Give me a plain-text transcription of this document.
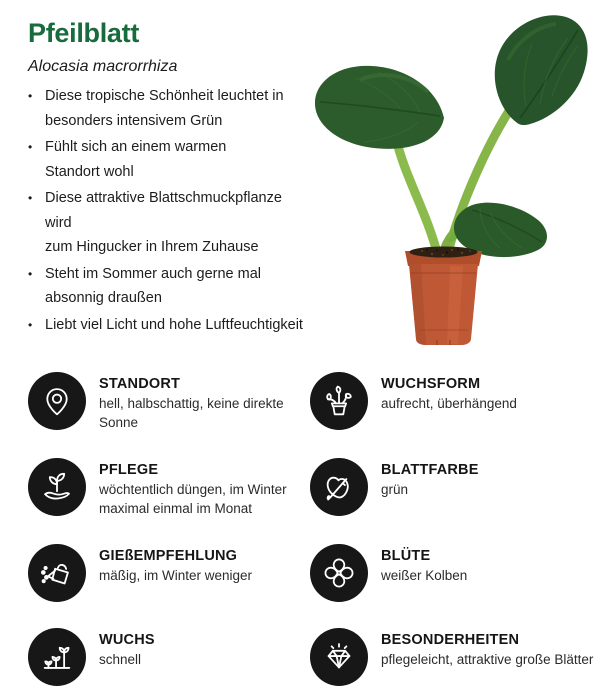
Pfeilblatt
Alocasia macrorrhiza
• Diese tropische Schönheit leuchtet in
besonders intensivem Grün
• Fühlt sich an einem warmen
Standort wohl
• Diese attraktive Blattschmuckpflanze wird
zum Hingucker in Ihrem Zuhause
• Steht im Sommer auch gerne mal
absonnig draußen
• Liebt viel Licht und hohe Luftfeuchtigkeit
STANDORT
hell, halbschattig, keine direkte Sonne
WUCHSFORM
aufrecht, überhängend
PFLEGE
wöchtentlich düngen, im Winter maximal einmal im Monat
BLATTFARBE
grün
GIEßEMPFEHLUNG
mäßig, im Winter weniger
BLÜTE
weißer Kolben
WUCHS
schnell
BESONDERHEITEN
pflegeleicht, attraktive große Blätter
